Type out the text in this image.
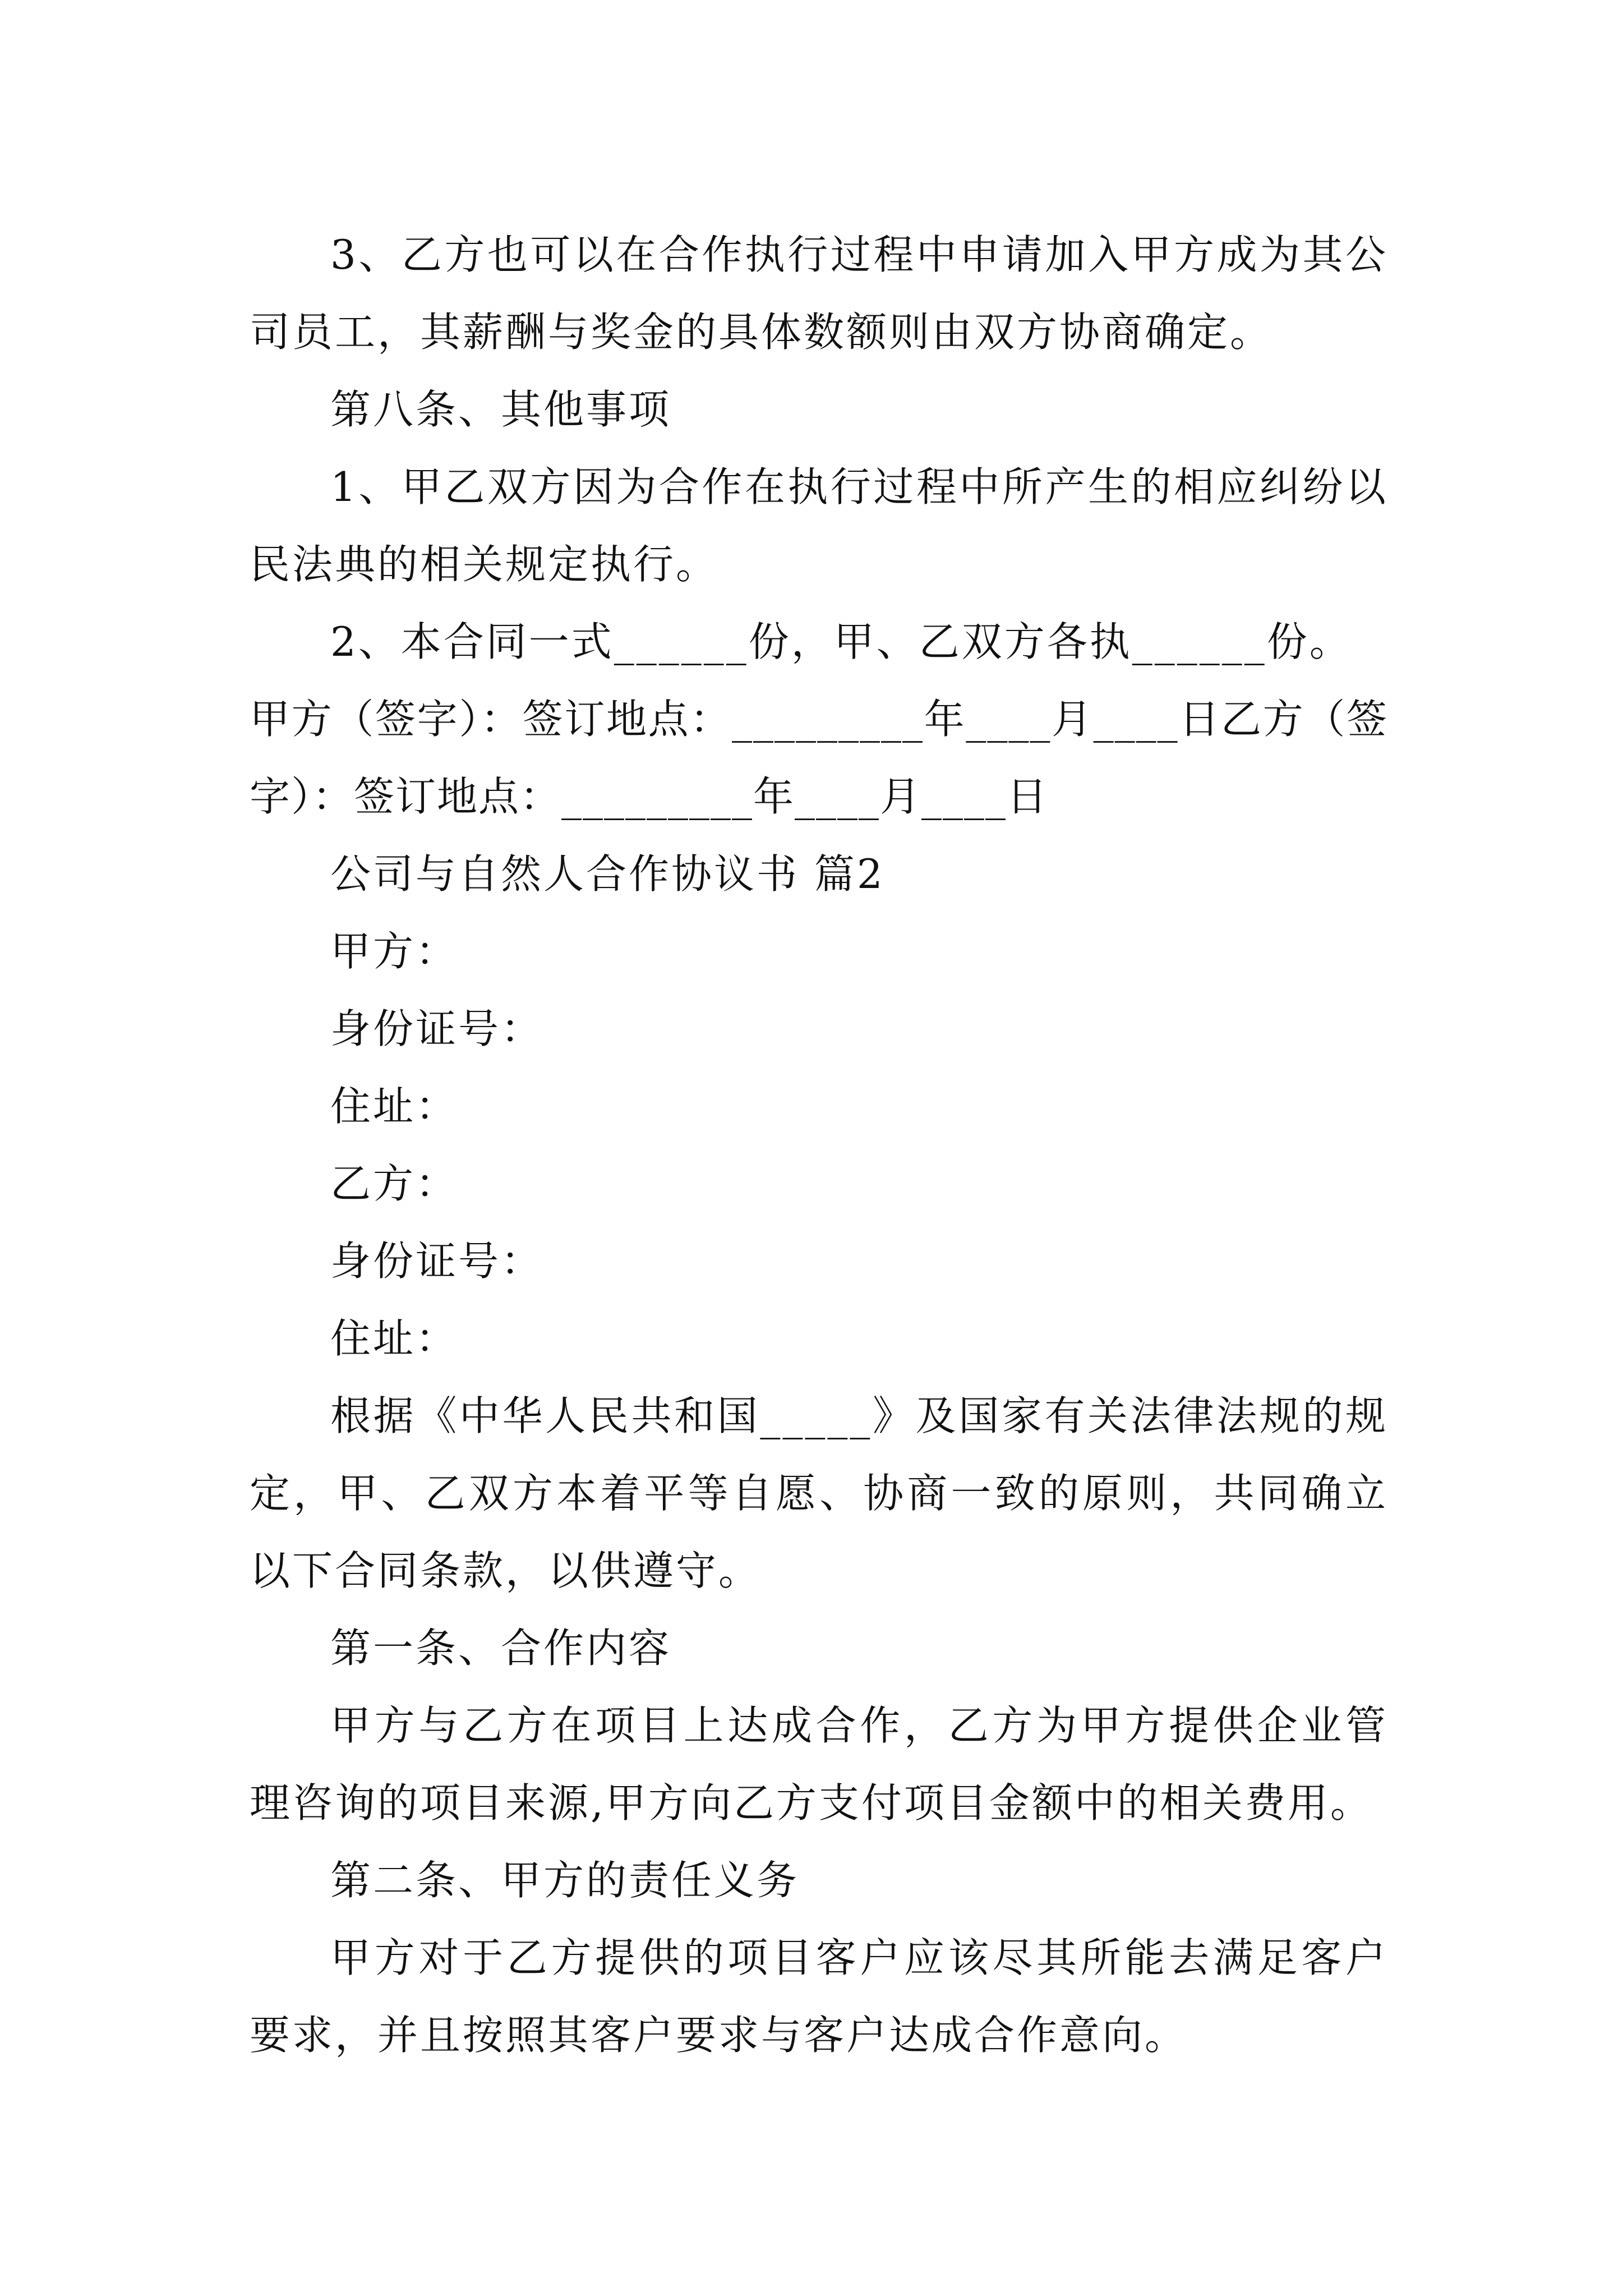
3、乙方也可以在合作执行过程中申请加入甲方成为其公司员工，其薪酬与奖金的具体数额则由双方协商确定。

第八条、其他事项

1、甲乙双方因为合作在执行过程中所产生的相应纠纷以民法典的相关规定执行。

2、本合同一式______份，甲、乙双方各执______份。

甲方（签字）：签订地点：_________年____月____日乙方（签字）：签订地点：_________年____月____日

公司与自然人合作协议书 篇2

甲方：

身份证号：

住址：

乙方：

身份证号：

住址：

根据《中华人民共和国_____》及国家有关法律法规的规定，甲、乙双方本着平等自愿、协商一致的原则，共同确立以下合同条款，以供遵守。

第一条、合作内容

甲方与乙方在项目上达成合作，乙方为甲方提供企业管理咨询的项目来源,甲方向乙方支付项目金额中的相关费用。

第二条、甲方的责任义务

甲方对于乙方提供的项目客户应该尽其所能去满足客户要求，并且按照其客户要求与客户达成合作意向。
